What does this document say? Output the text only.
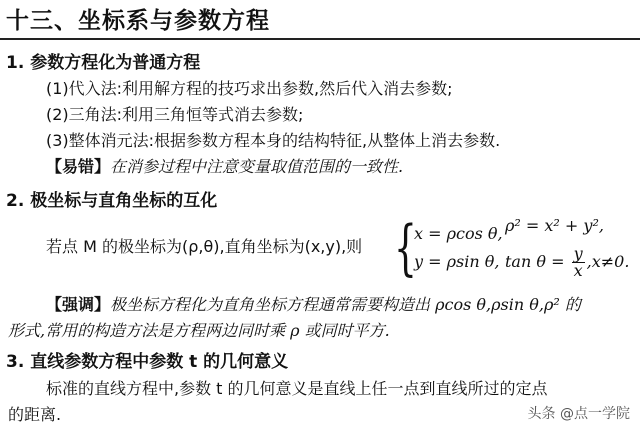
十三、坐标系与参数方程
1. 参数方程化为普通方程
(1)代入法:利用解方程的技巧求出参数,然后代入消去参数;
(2)三角法:利用三角恒等式消去参数;
(3)整体消元法:根据参数方程本身的结构特征,从整体上消去参数.
【易错】在消参过程中注意变量取值范围的一致性.
2. 极坐标与直角坐标的互化
若点 M 的极坐标为(ρ,θ),直角坐标为(x,y),则 {
x = ρcos θ,
y = ρsin θ,
ρ² = x² + y²,
$\tan \theta = \frac{y}{x} ,x\ne 0$.
【强调】极坐标方程化为直角坐标方程通常需要构造出 ρcos θ,ρsin θ,ρ² 的
形式,常用的构造方法是方程两边同时乘 ρ 或同时平方.
3. 直线参数方程中参数 t 的几何意义
标准的直线方程中,参数 t 的几何意义是直线上任一点到直线所过的定点
的距离.	头条 @点一学院
